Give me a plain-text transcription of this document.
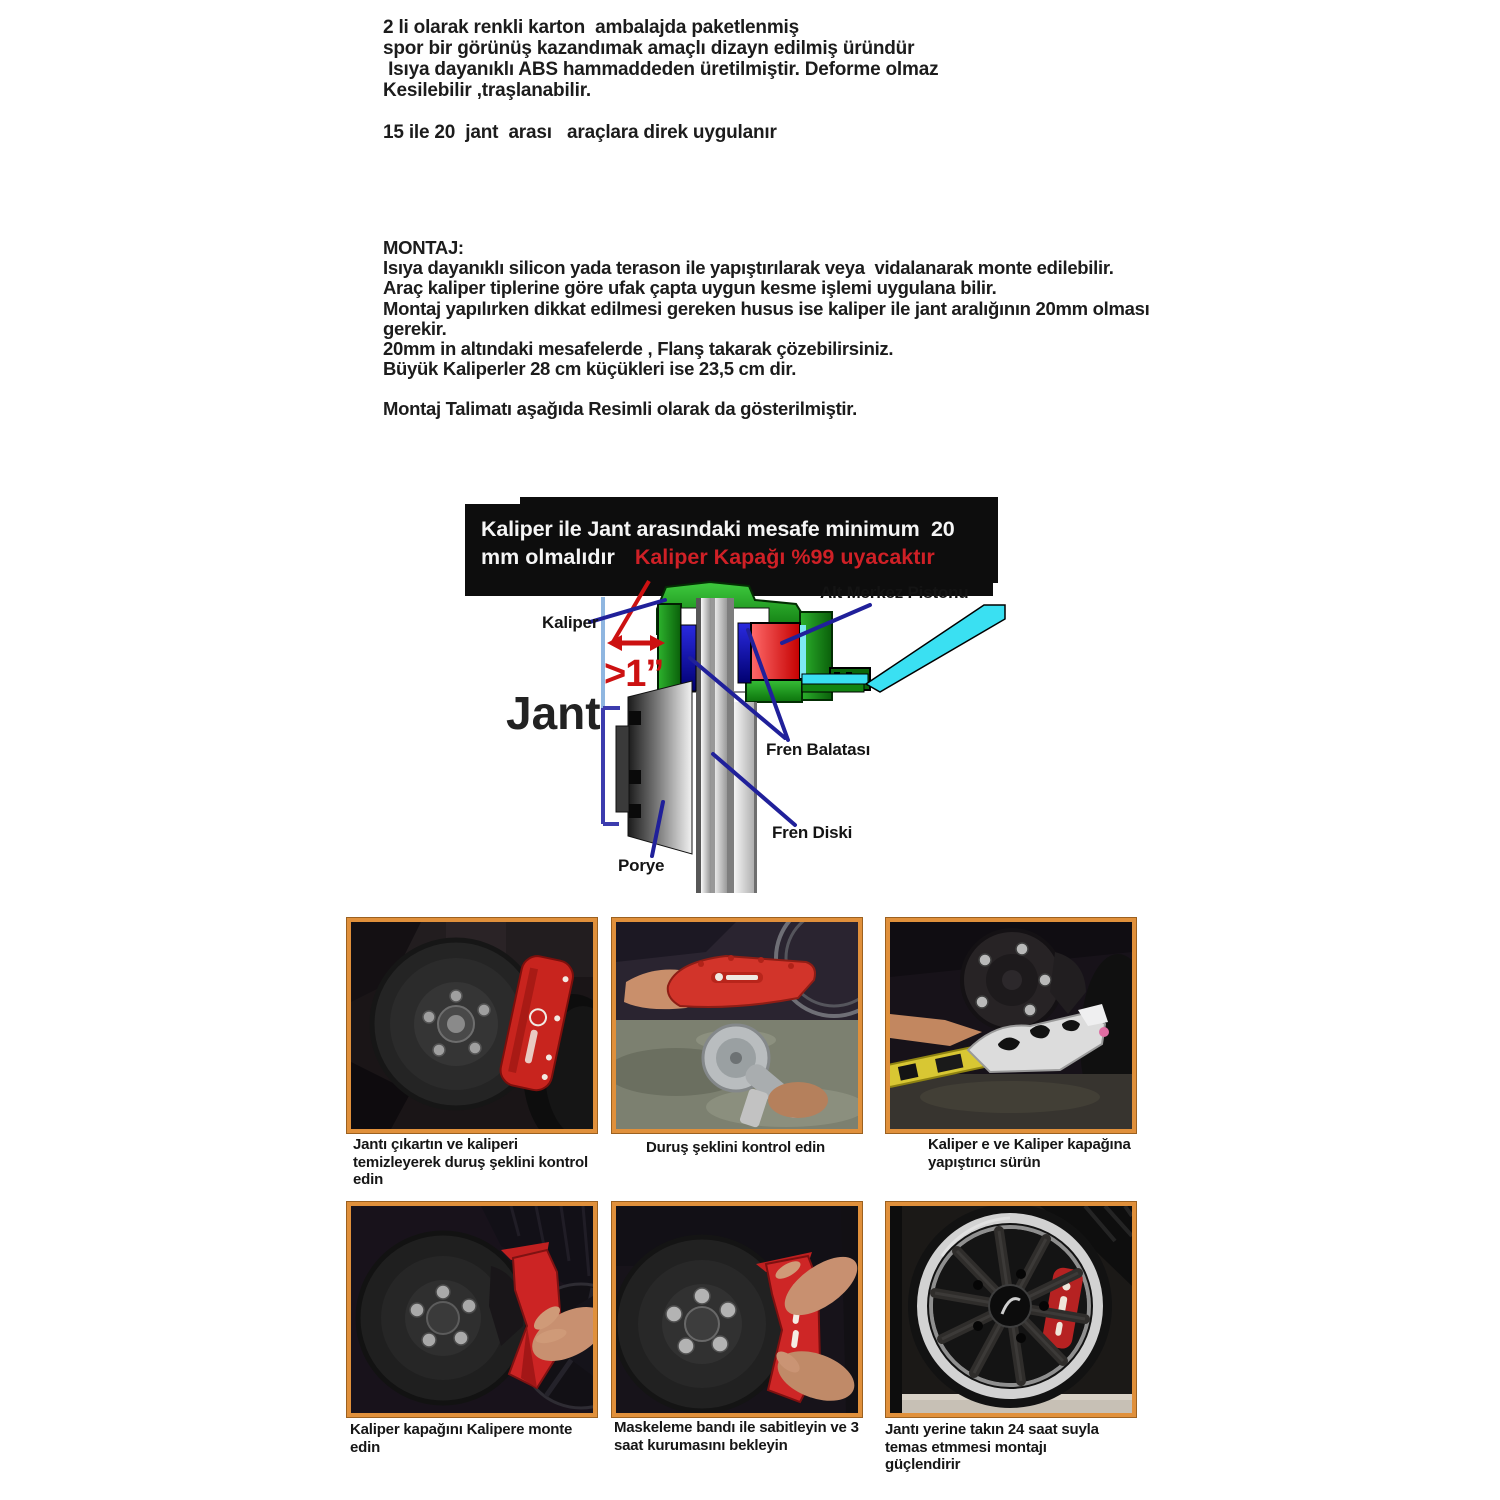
2 li olarak renkli karton  ambalajda paketlenmiş
spor bir görünüş kazandımak amaçlı dizayn edilmiş üründür
Isıya dayanıklı ABS hammaddeden üretilmiştir. Deforme olmaz
Kesilebilir ,traşlanabilir.
15 ile 20  jant  arası   araçlara direk uygulanır
MONTAJ:
Isıya dayanıklı silicon yada terason ile yapıştırılarak veya  vidalanarak monte edilebilir.
Araç kaliper tiplerine göre ufak çapta uygun kesme işlemi uygulana bilir.
Montaj yapılırken dikkat edilmesi gereken husus ise kaliper ile jant aralığının 20mm olması
gerekir.
20mm in altındaki mesafelerde , Flanş takarak çözebilirsiniz.
Büyük Kaliperler 28 cm küçükleri ise 23,5 cm dir.
Montaj Talimatı aşağıda Resimli olarak da gösterilmiştir.
Kaliper ile Jant arasındaki mesafe minimum  20
mm olmalıdır Kaliper Kapağı %99 uyacaktır
Kaliper
Jant
>1”
Alt Merkez Pistonu
Fren Balatası
Fren Diski
Porye
Jantı çıkartın ve kaliperi temizleyerek duruş şeklini kontrol edin
Duruş şeklini kontrol edin	Kaliper e ve Kaliper kapağına yapıştırıcı sürün
Kaliper kapağını Kalipere monte edin
Maskeleme bandı ile sabitleyin ve 3 saat kurumasını bekleyin
Jantı yerine takın 24 saat suyla temas etmmesi montajı güçlendirir
